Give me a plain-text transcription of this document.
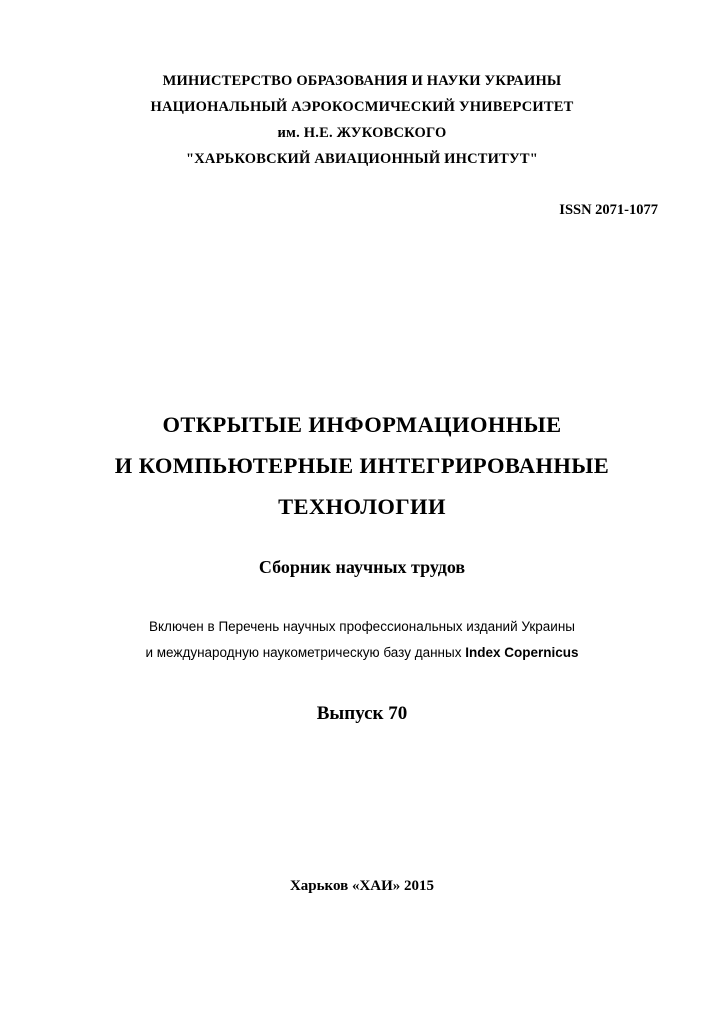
МИНИСТЕРСТВО ОБРАЗОВАНИЯ И НАУКИ УКРАИНЫ
НАЦИОНАЛЬНЫЙ АЭРОКОСМИЧЕСКИЙ УНИВЕРСИТЕТ
им. Н.Е. ЖУКОВСКОГО
"ХАРЬКОВСКИЙ АВИАЦИОННЫЙ ИНСТИТУТ"
ISSN 2071-1077
ОТКРЫТЫЕ ИНФОРМАЦИОННЫЕ
И КОМПЬЮТЕРНЫЕ ИНТЕГРИРОВАННЫЕ
ТЕХНОЛОГИИ
Сборник научных трудов
Включен в Перечень научных профессиональных изданий Украины
и международную наукометрическую базу данных Index Copernicus
Выпуск 70
Харьков «ХАИ» 2015
